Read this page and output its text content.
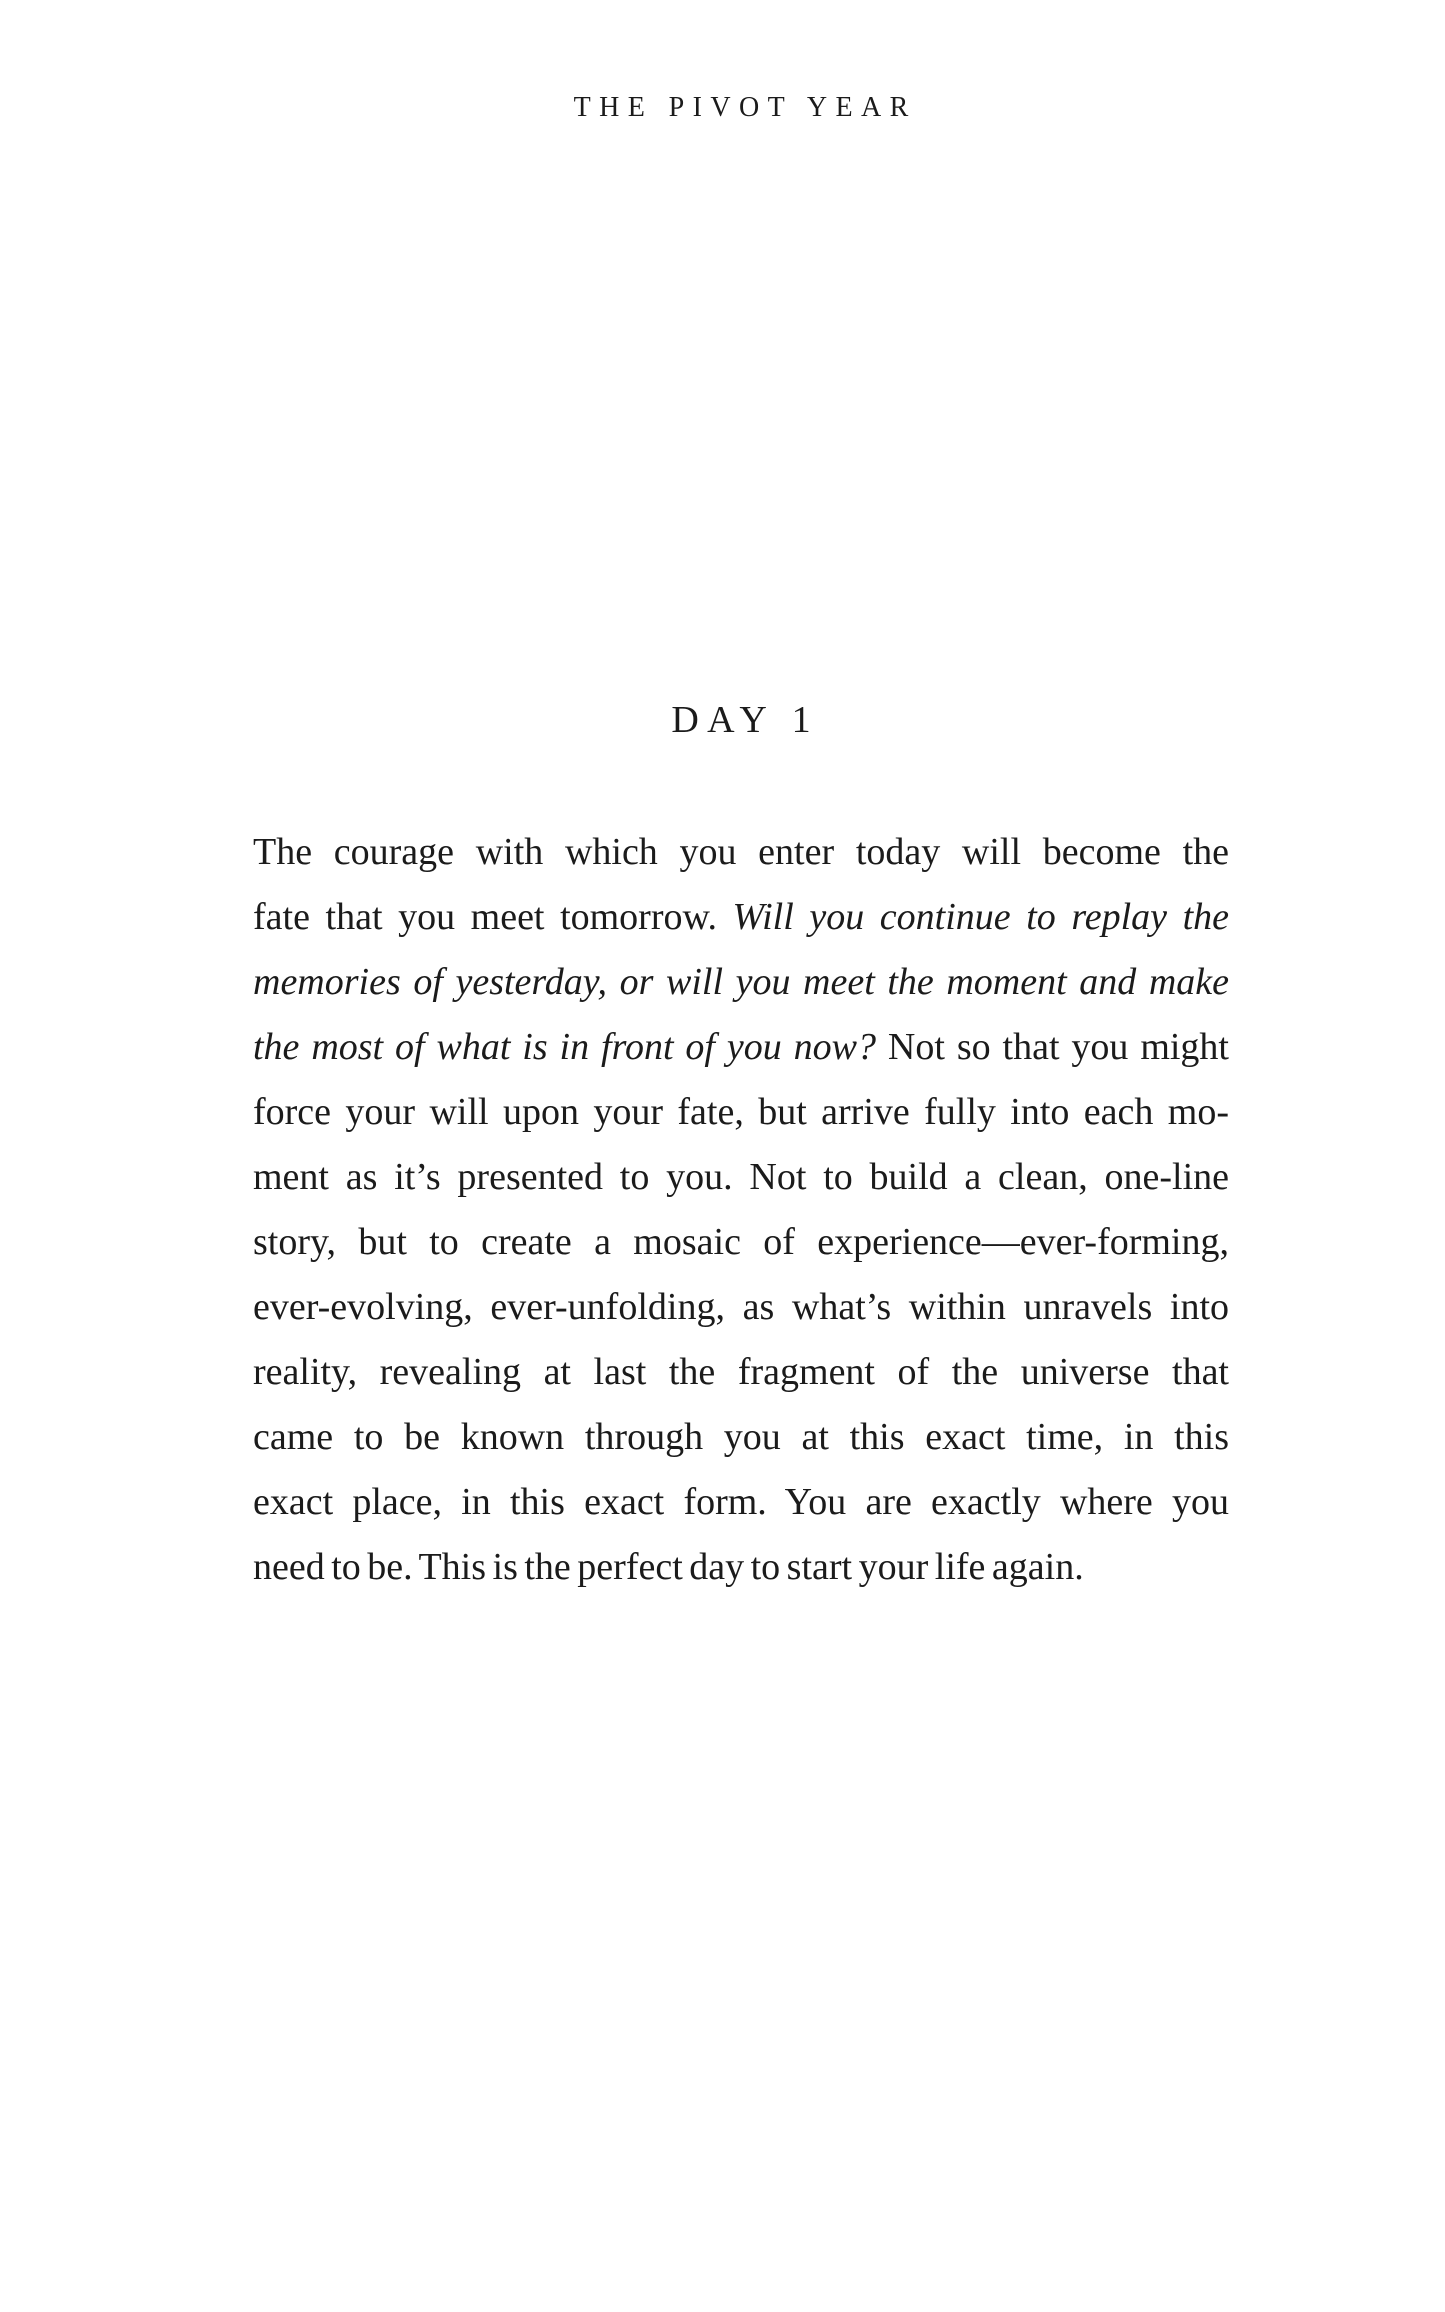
THE PIVOT YEAR
DAY 1
The courage with which you enter today will become the
fate that you meet tomorrow. Will you continue to replay the
memories of yesterday, or will you meet the moment and make
the most of what is in front of you now? Not so that you might
force your will upon your fate, but arrive fully into each mo-
ment as it’s presented to you. Not to build a clean, one-line
story, but to create a mosaic of experience—ever-forming,
ever-evolving, ever-unfolding, as what’s within unravels into
reality, revealing at last the fragment of the universe that
came to be known through you at this exact time, in this
exact place, in this exact form. You are exactly where you
need to be. This is the perfect day to start your life again.
